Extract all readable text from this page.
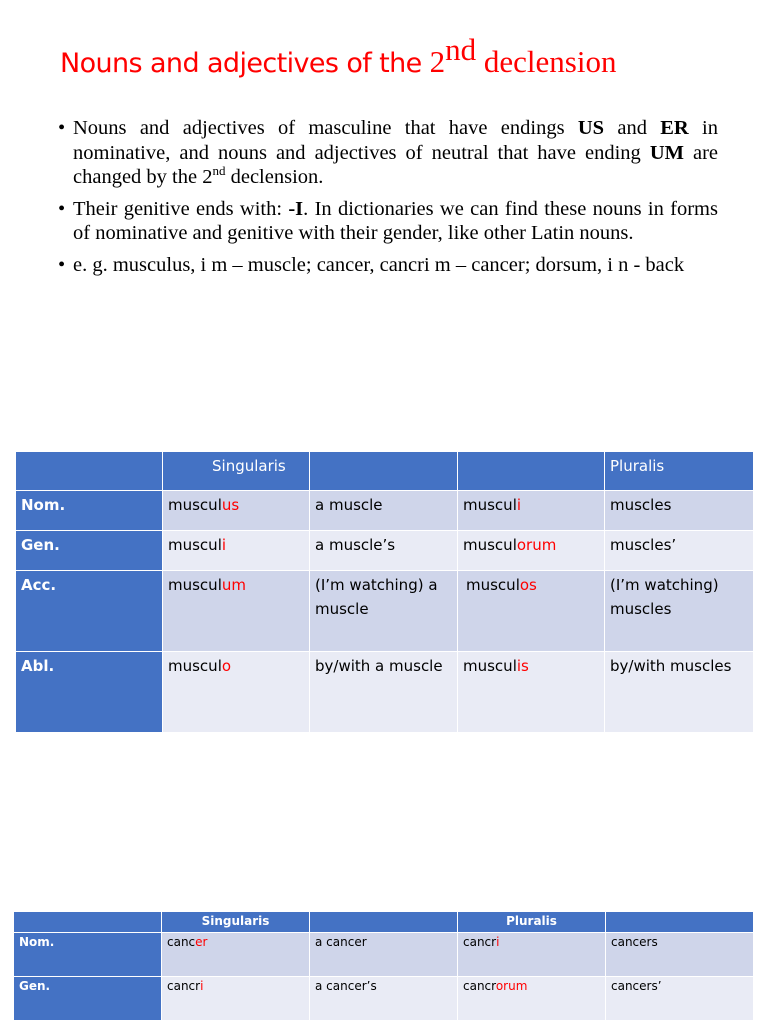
Nouns and adjectives of the 2nd declension
• Nouns and adjectives of masculine that have endings US and ER in nominative, and nouns and adjectives of neutral that have ending UM are changed by the 2nd declension.
• Their genitive ends with: -I. In dictionaries we can find these nouns in forms of nominative and genitive with their gender, like other Latin nouns.
• e. g. musculus, i m – muscle; cancer, cancri m – cancer; dorsum, i n - back
	Singularis			Pluralis
Nom.	musculus	a muscle	musculi	muscles
Gen.	musculi	a muscle’s	musculorum	muscles’
Acc.	musculum	(I’m watching) a muscle	musculos	(I’m watching) muscles
Abl.	musculo	by/with a muscle	musculis	by/with muscles
	Singularis		Pluralis	
Nom.	cancer	a cancer	cancri	cancers
Gen.	cancri	a cancer’s	cancrorum	cancers’
